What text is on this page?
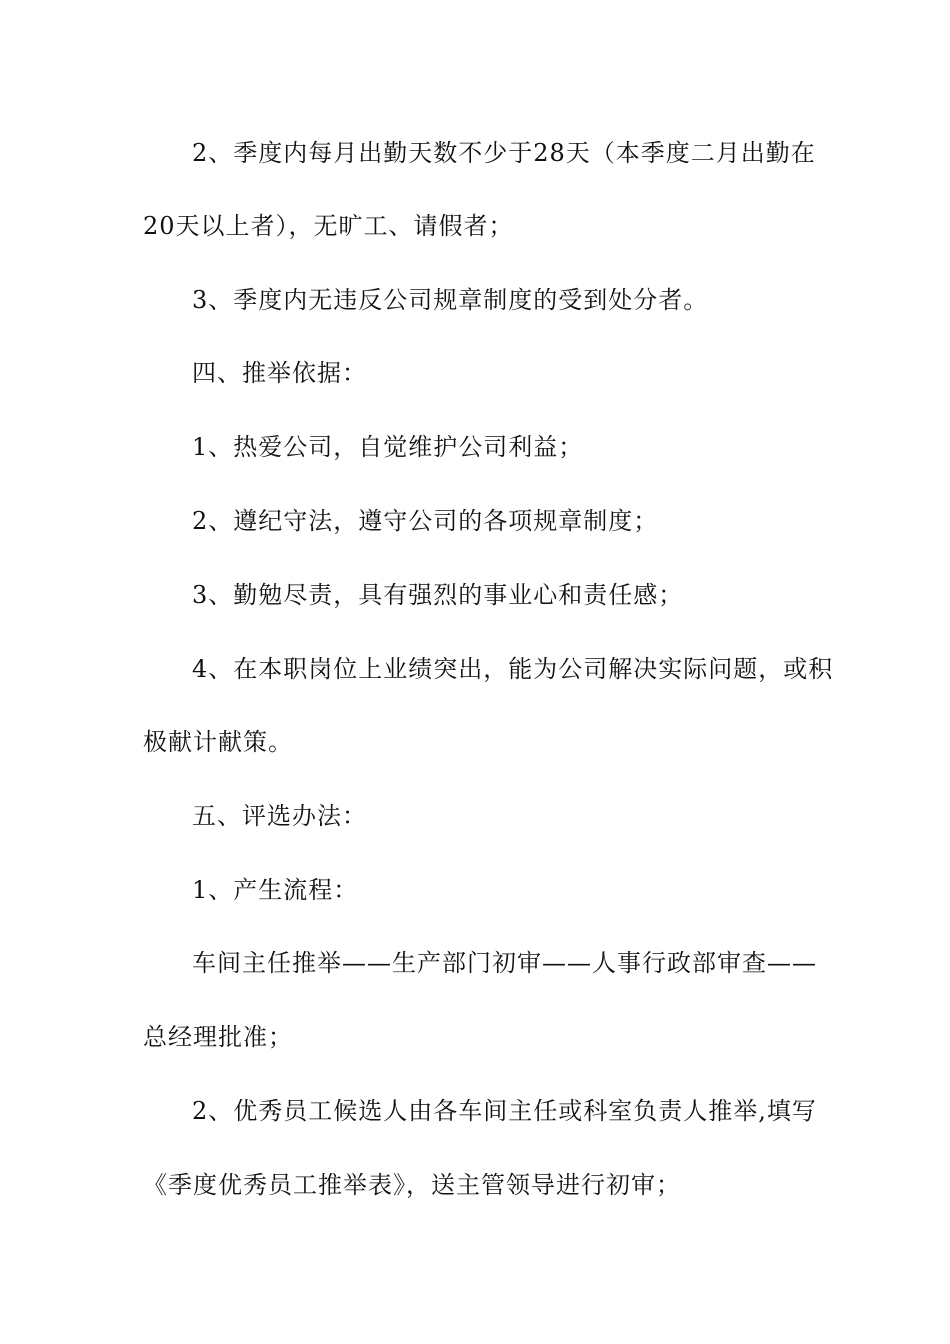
2、季度内每月出勤天数不少于28天（本季度二月出勤在
20天以上者），无旷工、请假者；
3、季度内无违反公司规章制度的受到处分者。
四、推举依据：
1、热爱公司，自觉维护公司利益；
2、遵纪守法，遵守公司的各项规章制度；
3、勤勉尽责，具有强烈的事业心和责任感；
4、在本职岗位上业绩突出，能为公司解决实际问题，或积
极献计献策。
五、评选办法：
1、产生流程：
车间主任推举——生产部门初审——人事行政部审查——
总经理批准；
2、优秀员工候选人由各车间主任或科室负责人推举,填写
《季度优秀员工推举表》，送主管领导进行初审；
